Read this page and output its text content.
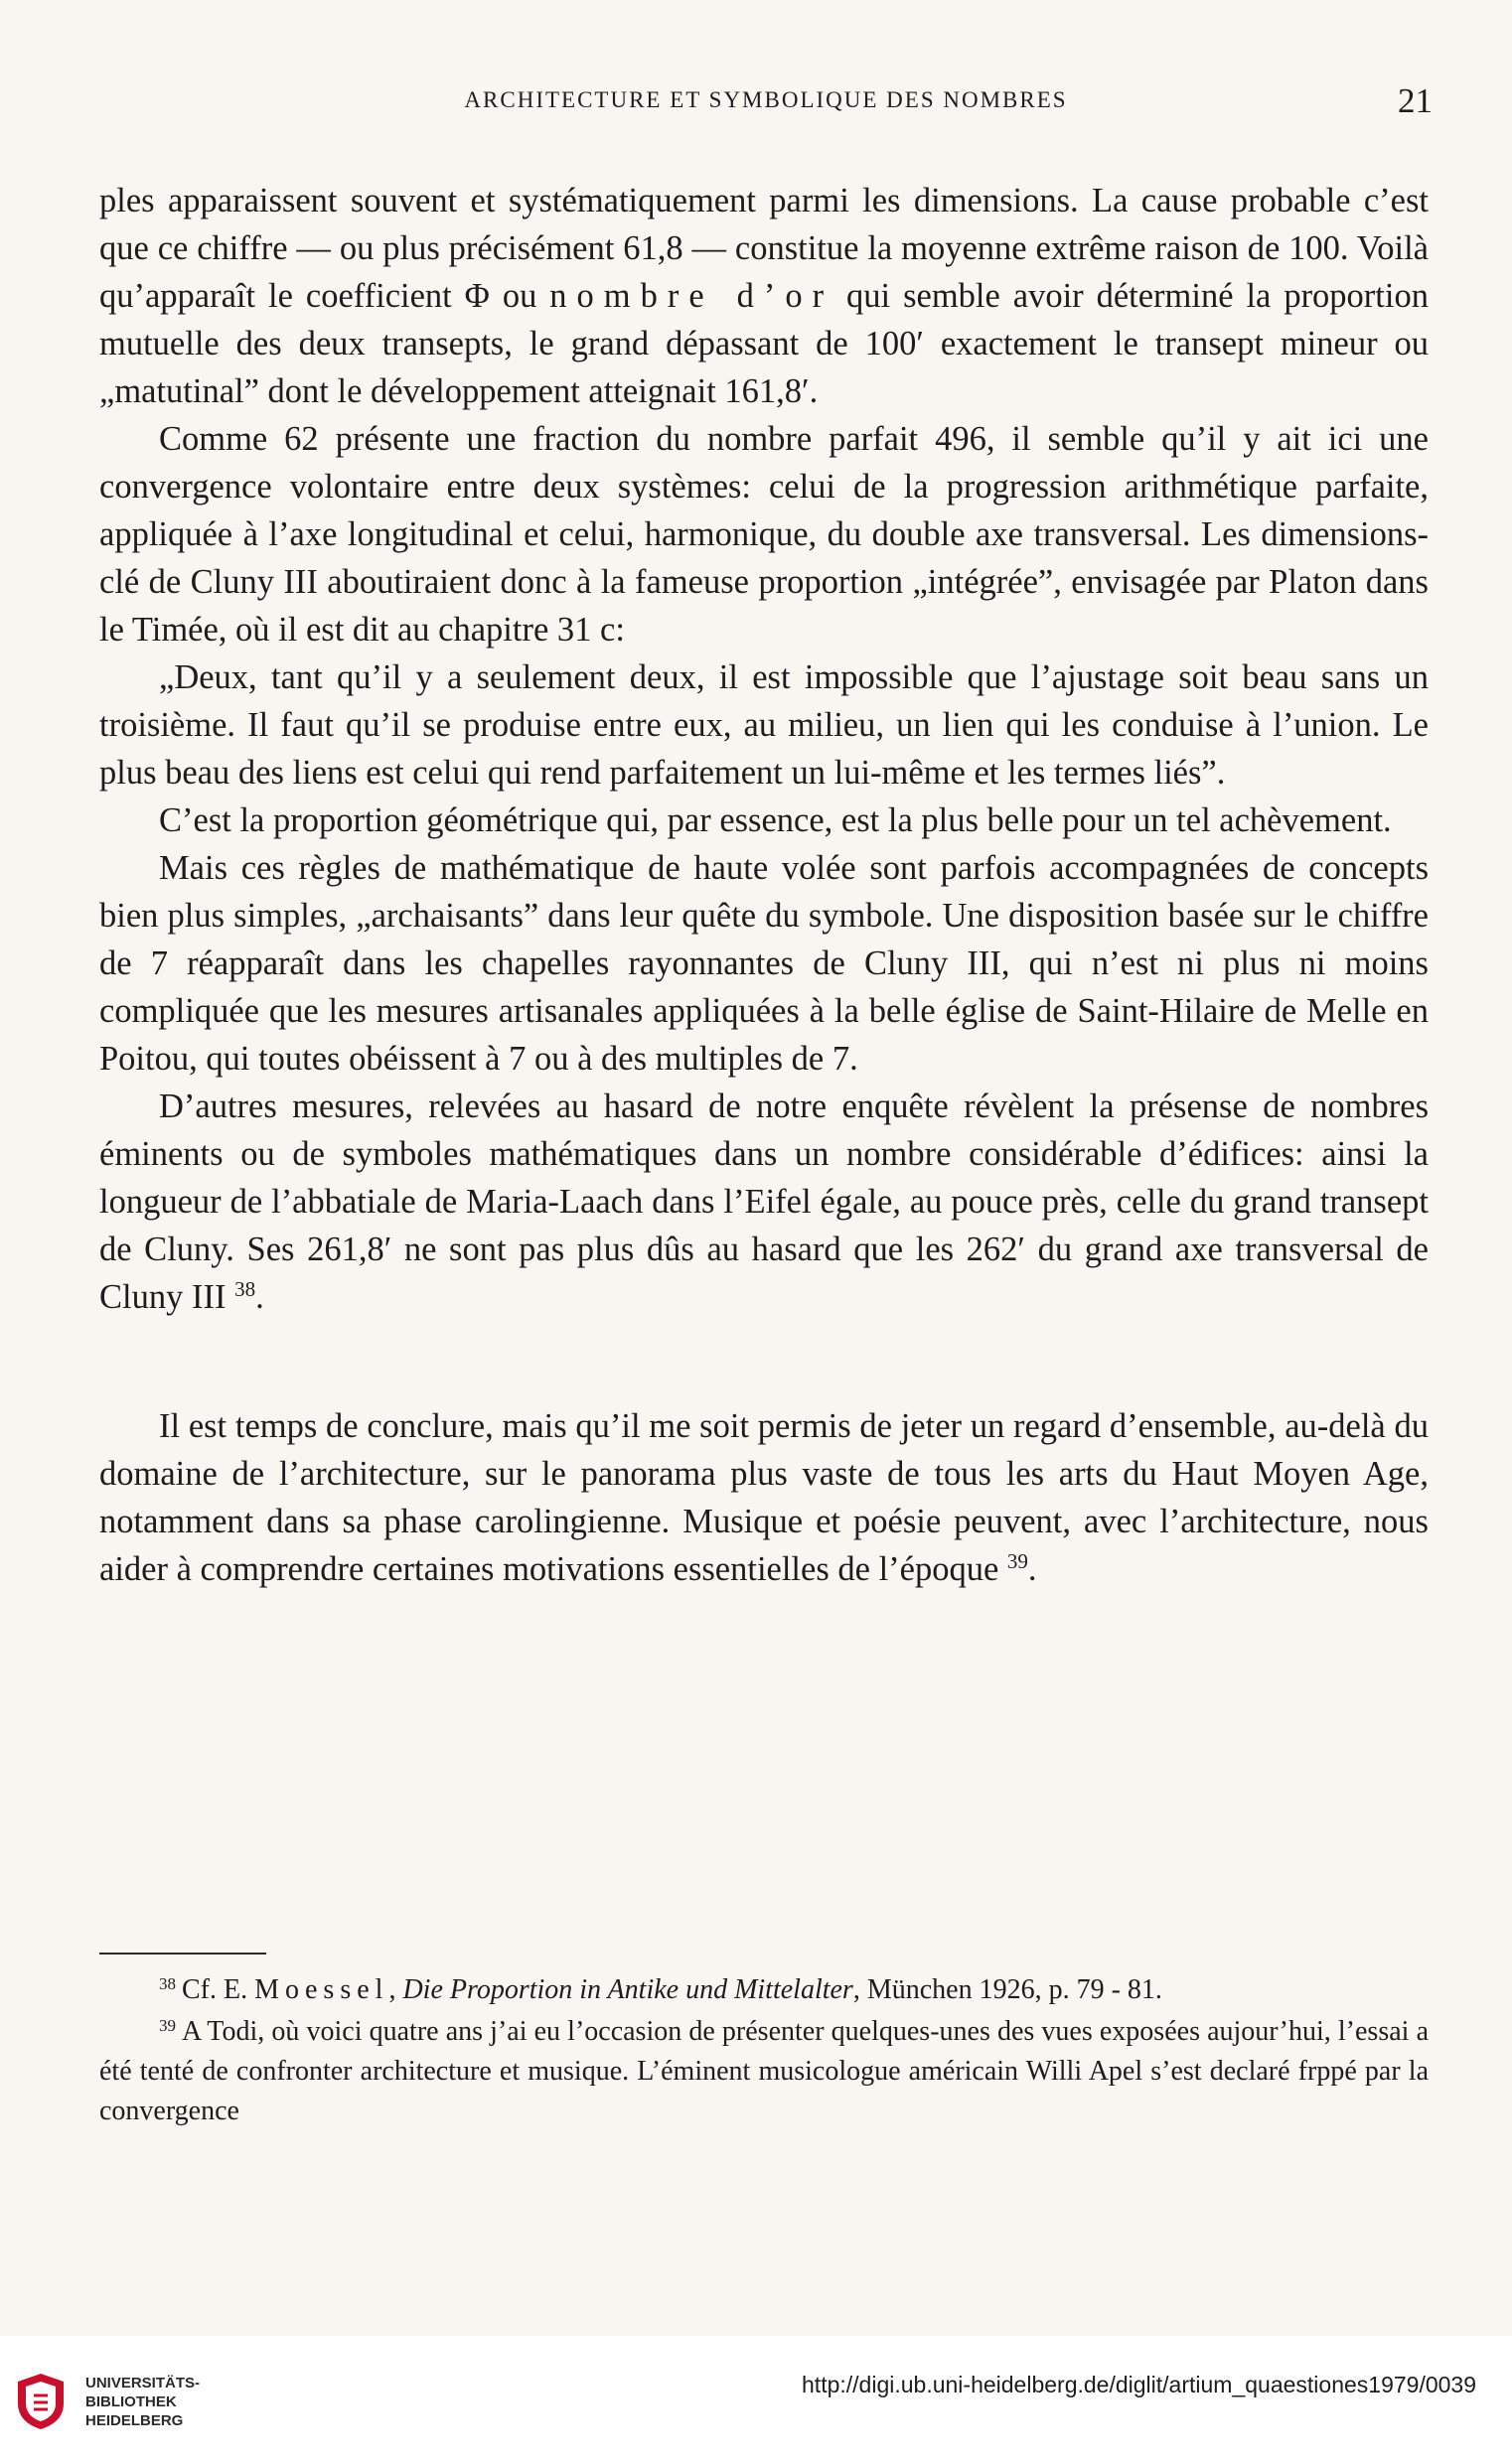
ARCHITECTURE ET SYMBOLIQUE DES NOMBRES	21

ples apparaissent souvent et systématiquement parmi les dimensions. La cause probable c’est que ce chiffre — ou plus précisément 61,8 — constitue la moyenne extrême raison de 100. Voilà qu’apparaît le coefficient Φ ou nombre d’or qui semble avoir déterminé la proportion mutuelle des deux transepts, le grand dépassant de 100′ exactement le transept mineur ou „matutinal” dont le développement atteignait 161,8′.

Comme 62 présente une fraction du nombre parfait 496, il semble qu’il y ait ici une convergence volontaire entre deux systèmes: celui de la progression arithmétique parfaite, appliquée à l’axe longitudinal et celui, harmonique, du double axe transversal. Les dimensions-clé de Cluny III aboutiraient donc à la fameuse proportion „intégrée”, envisagée par Platon dans le Timée, où il est dit au chapitre 31 c:

„Deux, tant qu’il y a seulement deux, il est impossible que l’ajustage soit beau sans un troisième. Il faut qu’il se produise entre eux, au milieu, un lien qui les conduise à l’union. Le plus beau des liens est celui qui rend parfaitement un lui-même et les termes liés”.

C’est la proportion géométrique qui, par essence, est la plus belle pour un tel achèvement.

Mais ces règles de mathématique de haute volée sont parfois accompagnées de concepts bien plus simples, „archaisants” dans leur quête du symbole. Une disposition basée sur le chiffre de 7 réapparaît dans les chapelles rayonnantes de Cluny III, qui n’est ni plus ni moins compliquée que les mesures artisanales appliquées à la belle église de Saint-Hilaire de Melle en Poitou, qui toutes obéissent à 7 ou à des multiples de 7.

D’autres mesures, relevées au hasard de notre enquête révèlent la présense de nombres éminents ou de symboles mathématiques dans un nombre considérable d’édifices: ainsi la longueur de l’abbatiale de Maria-Laach dans l’Eifel égale, au pouce près, celle du grand transept de Cluny. Ses 261,8′ ne sont pas plus dûs au hasard que les 262′ du grand axe transversal de Cluny III $^{38}$.

Il est temps de conclure, mais qu’il me soit permis de jeter un regard d’ensemble, au-delà du domaine de l’architecture, sur le panorama plus vaste de tous les arts du Haut Moyen Age, notamment dans sa phase carolingienne. Musique et poésie peuvent, avec l’architecture, nous aider à comprendre certaines motivations essentielles de l’époque $^{39}$.

$^{38}$ Cf. E. Moessel, Die Proportion in Antike und Mittelalter, München 1926, p. 79 - 81.

$^{39}$ A Todi, où voici quatre ans j’ai eu l’occasion de présenter quelques-unes des vues exposées aujour’hui, l’essai a été tenté de confronter architecture et musique. L’éminent musicologue américain Willi Apel s’est declaré frppé par la convergence

UNIVERSITÄTS-
BIBLIOTHEK
HEIDELBERG
http://digi.ub.uni-heidelberg.de/diglit/artium_quaestiones1979/0039
